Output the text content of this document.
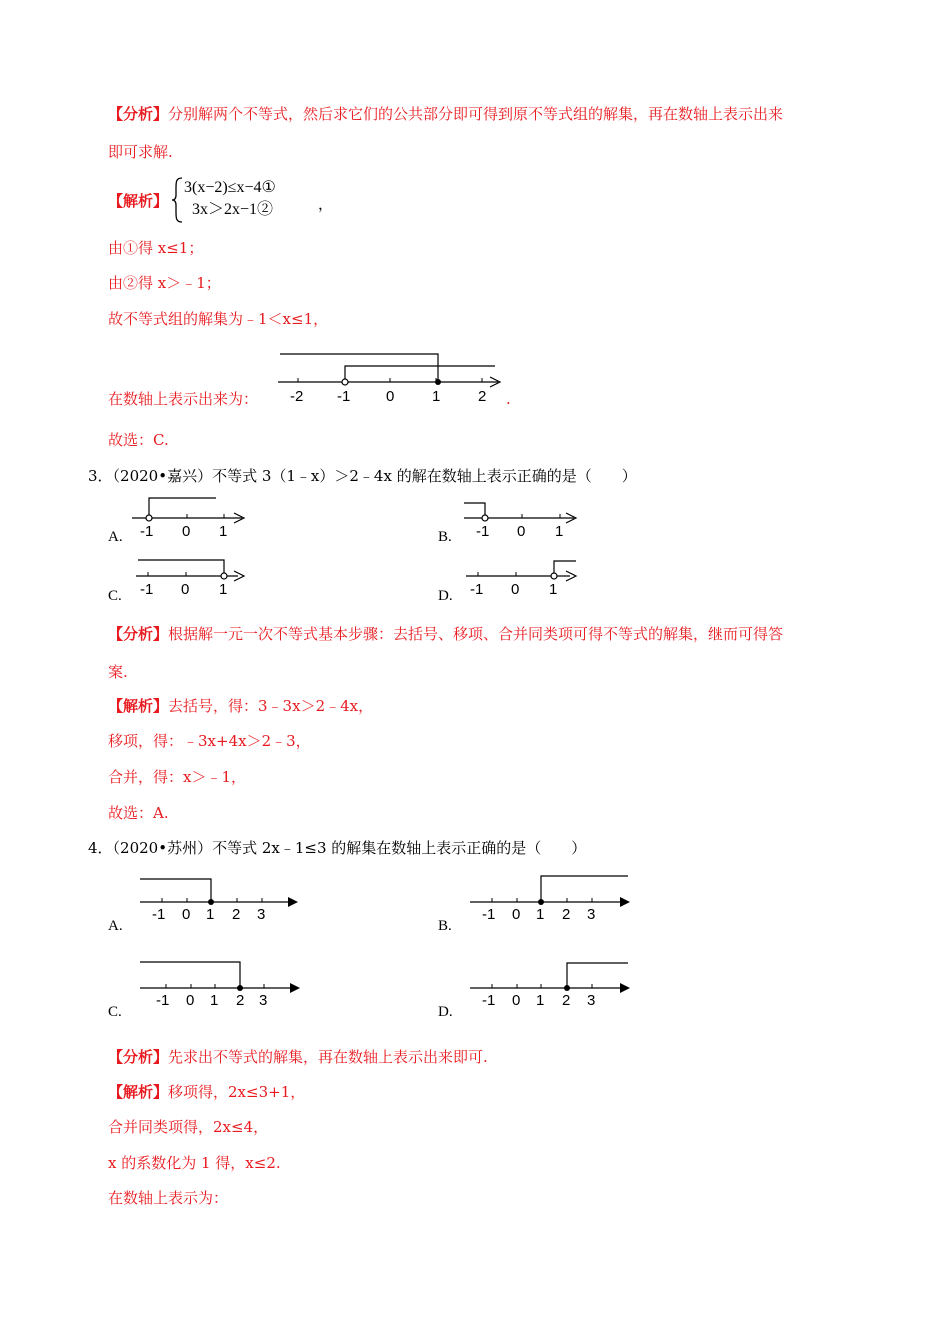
【分析】分别解两个不等式，然后求它们的公共部分即可得到原不等式组的解集，再在数轴上表示出来
即可求解.
【解析】
3(x−2)≤x−4①
3x＞2x−1②	，
由①得 x≤1；
由②得 x＞﹣1；
故不等式组的解集为﹣1＜x≤1，
在数轴上表示出来为： -2 -1 0	1	2 .
故选：C.
3．（2020•嘉兴）不等式 3（1﹣x）＞2﹣4x 的解在数轴上表示正确的是（　　）
A. -1 0 1	B. -1 0 1
C. -1 0 1	D. -1 0 1
【分析】根据解一元一次不等式基本步骤：去括号、移项、合并同类项可得不等式的解集，继而可得答
案.
【解析】去括号，得：3﹣3x＞2﹣4x，
移项，得：﹣3x+4x＞2﹣3，
合并，得：x＞﹣1，
故选：A.
4．（2020•苏州）不等式 2x﹣1≤3 的解集在数轴上表示正确的是（　　）
A.
-1 0 1 2 3
B.
-1 0 1 2 3
C.
-1 0 1 2 3
D.
-1 0 1 2 3
【分析】先求出不等式的解集，再在数轴上表示出来即可.
【解析】移项得，2x≤3+1，
合并同类项得，2x≤4，
x 的系数化为 1 得，x≤2.
在数轴上表示为：
